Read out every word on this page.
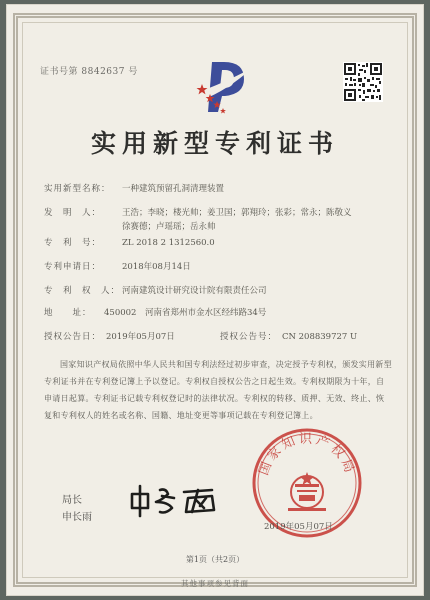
证书号第 8842637 号
实用新型专利证书
实用新型名称： 一种建筑预留孔洞清理装置
发　明　人： 王浩；李晓；楼光帅；姜卫国；郭翔玲；张彩；常永；陈敬义
徐赛德；卢瑶瑶；岳永帅
专　利　号： ZL 2018 2 1312560.0
专利申请日： 2018年08月14日
专　利　权　人： 河南建筑设计研究设计院有限责任公司
地　　址： 450002　河南省郑州市金水区经纬路34号
授权公告日： 2019年05月07日	授权公告号： CN 208839727 U
国家知识产权局依照中华人民共和国专利法经过初步审查，决定授予专利权，颁发实用新型专利证书并在专利登记簿上予以登记。专利权自授权公告之日起生效。专利权期限为十年，自申请日起算。专利证书记载专利权登记时的法律状况。专利权的转移、质押、无效、终止、恢复和专利权人的姓名或名称、国籍、地址变更等事项记载在专利登记簿上。
局长
申长雨
国家知识产权局
2019年05月07日
第1页（共2页）
其他事项参见背面
